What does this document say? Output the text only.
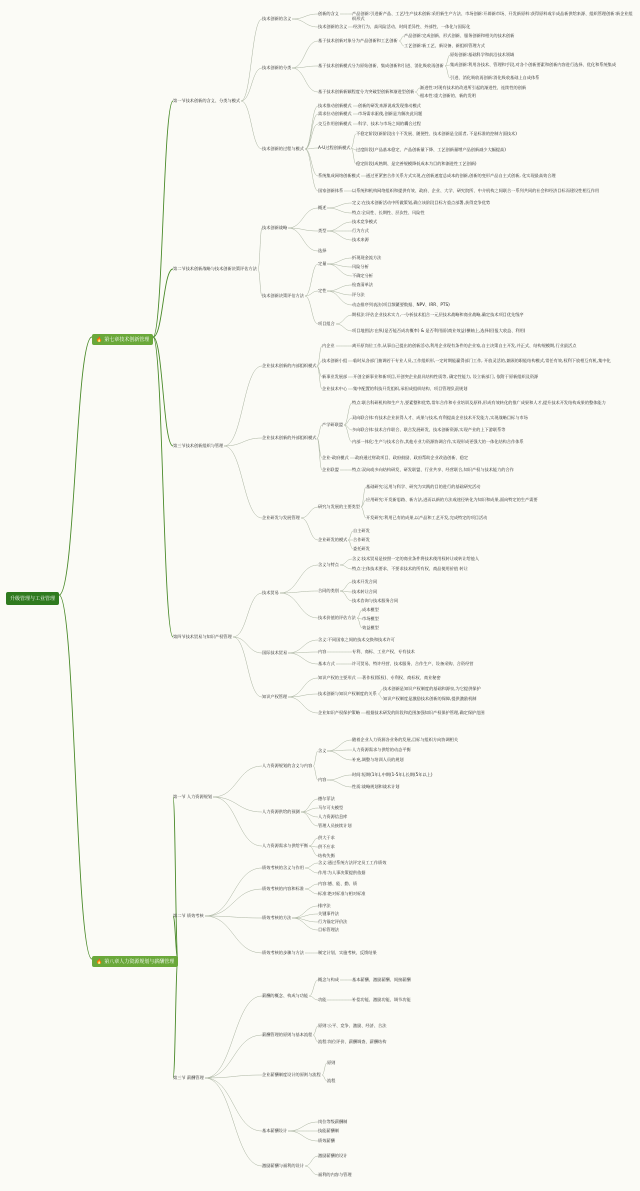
升级管理与工业管理
🔥 第七章技术创新管理
🔥 第八章人力资源规划与薪酬管理
第一节技术创新的含义、分类与模式
技术创新的含义
创新的含义	产品创新:引进新产品、工艺/生产技术创新:采用新生产方法、市场创新:开辟新市场、开发新原料:获得原料或半成品新供给来源、组织管理创新:新企业组织形式
技术创新的含义 经济行为、高风险活动、时间差异性、外部性、一体化与国际化
技术创新的分类
基于技术创新对象分为产品创新和工艺创新
产品创新:完成创新、形式创新、服务创新和相关的技术创新
工艺创新:新工艺、新设备、新组织管理方式
基于技术创新模式分为原始创新、集成创新和引进、消化吸收再创新
原始创新:基础科学和前沿技术领域
集成创新:利用各技术、管理和手段,对各个创新要素和创新内容进行选择、优化和系统集成
引进、消化吸收再创新:消化吸收基础上自成体系
基于技术创新新颖程度分为突破型创新和渐进型创新
渐进性:对现有技术的改进所引起的渐进性、连续性的创新
根本性:重大创新的、新的发明
技术创新的过程与模式
技术推动创新模式 创新的研发来源说或发现推动模式
需求拉动创新模式 市场需求驱使,创新是为解决此问题
交互作用创新模式 科学、技术与市场之间的耦合过程
A-U过程创新模式
不稳定阶段(新阶段出个不发展、随便性、技术创新是全面者, 不是标准的控制方面技术)
过度阶段(产品基本稳定、产品创新量下降、工艺创新量增产品创新减少大幅提高)
稳定阶段(成熟期、是完善规模降低成本为目的和渐进性工艺创新)
系统集成网络创新模式 通过更紧密合作关系方式实现,在创新速度总成本的创新,创新的变形产品自主式创新, 化实现最高效合理
国家创新体系 以系统和机构网络组织和提供有效、政府、企业、大学、研究院所、中介机构之间联合一系列共同的社会和经济目标而建设性相互作用
第二节技术创新战略与技术创新决策评估方法
技术创新战略
概述
定义:在技术创新活动中所做策划,确立该阶段目标方重点部署,获得竞争优势
特点:全局性、长期性、层次性、风险性
类型
技术竞争模式
行为方式
技术来源
选择
技术创新决策评估方法
定量
折现现金流方法
风险分析
不确定分析
定性
检查清单法
评分法
动态排序列表法(项目频繁要数据、NPV、IRR、PTS)
项目组合
期权法:评估企业技术实力,一分析技术组合一元层技术战略和商业战略,确定技术项目优先级序
项目地图法:在纵(是否能否成功概率) & 是否利用面(商业效益)横轴上,选择(回报大收益、利用)
第三节技术创新组织与管理
企业技术创新的内部组织模式
内企业	离开原岗位工作,从事自己提出的创新活动,利用企业现有条件的企业家,自主决策自主开发,并正式、结构规模期,行业最活点
技术创新小组 临时从各部门抽调若干专业人员,工作组织形,一定时期能赢得部门工作, 开放灵活的,兼顾的职能结构模式,常任有效,权利下放相互有机,集中化
新事业发展部 开创全新事业和新项目,开创突企业最具结构性质等, 确定性能力, 设立新部门, 依附于原新组织及资源
企业技术中心 集中配置的科技开发组织,承担成组织结构、项目管理负责规划
企业技术创新的外部组织模式
产学研联盟
特点:联合科研机构和生产力,要素整和优势,常年合作和专业培训及原料,形成有效转化的推广成果和人才,提升技术开发结构成果的整体能力
双向联合体:有技术企业获得人才、成果与技术,有利提高企业技术开发能力,实现战略目标与市场
多向联合体:技术合作联合、联合发展研发、技术创新资源,实现产业的上下游联系等
内部一体化:生产与技术合作,其他专业力资源协调合作,实现形成更强大的一体化结构合作体系
企业-政府模式 政府通过财政项目、政府鼓励、政府帮助企业改造创新、稳定
企业联盟	特点:双向或多向结构研发、研发联盟、行业共享、经营联合,知识产权与技术能力的合作
企业研发与发展管理
研究与发展的主要类型
基础研究:运用与科学、研究为实践的目的进行的基础研究活动
应用研究:开发新思路、新方法,进而以新的方法或途径转化为知识和成果,面向特定的生产需要
开发研究:利用已有的成果,以产品和工艺开发,完成特定的项目活动
企业研发的模式
自主研发
合作研发
委托研发
第四节技术贸易与知识产权管理
技术贸易
含义与特点
含义:技术贸易是按照一定的商业条件将技术使用权转让或转让给他人
特点:主体技术要求、不要求技术的所有权、商品使用价值 转让
合同的类别
技术开发合同
技术转让合同
技术咨询与技术服务合同
技术价值的评估方法
成本模型
市场模型
效益模型
国际技术贸易
含义:不同国家之间的技术交换和技术许可
内容	专利、商标、工业产权、专有技术
基本方式	许可贸易、特许经营、技术服务、合作生产、设备采购、合资经营
知识产权管理
知识产权的主要形式 著作权(版权)、专利权、商标权、商业秘密
技术创新与知识产权制度的关系
技术创新是知识产权制度的基础和源泉,为它提供保护
知识产权制度是激励技术创新的保障,提供激励机制
企业知识产权保护策略 根据技术研发的阶段和范围加强知识产权保护管理,确定保护范围
第一节 人力资源规划
人力资源规划的含义与内容
含义
随着企业人力资源各业务的发展,目标与组织方向协调相关
人力资源需求与供给的动态平衡
补充,调整与培训人员的规划
内容
时间:短期(1年),中期(1-5年),长期(5年以上)
性质:战略规划和战术计划
人力资源供给的预测
德尔菲法
马尔可夫模型
人力资源信息库
管理人员接续计划
人力资源需求与供给平衡
供大于求
供不应求
结构失衡
第二节 绩效考核
绩效考核的含义与作用
含义:通过系统方法评定员工工作绩效
作用:为人事决策提供依据
绩效考核的内容和标准
内容:德、能、勤、绩
标准:绝对标准与相对标准
绩效考核的方法
排序法
关键事件法
行为锚定评价法
目标管理法
绩效考核的步骤与方法	制定计划、实施考核、反馈结果
第三节 薪酬管理
薪酬的概念、构成与功能
概念与构成	基本薪酬、激励薪酬、间接薪酬
功能	补偿功能、激励功能、调节功能
薪酬管理的原则与基本流程
原则:公平、竞争、激励、经济、合法
流程:岗位评价、薪酬调查、薪酬结构
企业薪酬制度设计的原则与流程
原则
流程
基本薪酬设计
岗位等级薪酬制
技能薪酬制
绩效薪酬
激励薪酬与福利的设计
激励薪酬的设计
福利的内容与管理
